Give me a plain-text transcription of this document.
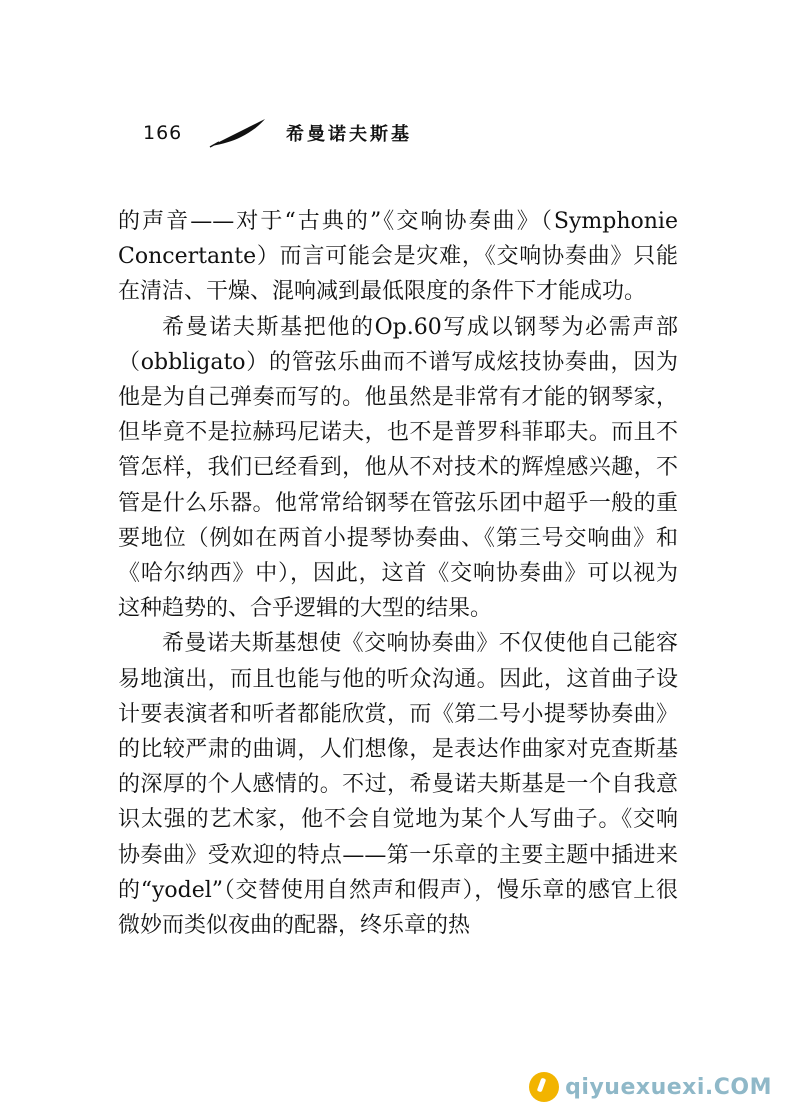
166	希曼诺夫斯基

的声音——对于“古典的”《交响协奏曲》（Symphonie Concertante）而言可能会是灾难，《交响协奏曲》只能在清洁、干燥、混响减到最低限度的条件下才能成功。

希曼诺夫斯基把他的Op.60写成以钢琴为必需声部（obbligato）的管弦乐曲而不谱写成炫技协奏曲，因为他是为自己弹奏而写的。他虽然是非常有才能的钢琴家，但毕竟不是拉赫玛尼诺夫，也不是普罗科菲耶夫。而且不管怎样，我们已经看到，他从不对技术的辉煌感兴趣，不管是什么乐器。他常常给钢琴在管弦乐团中超乎一般的重要地位（例如在两首小提琴协奏曲、《第三号交响曲》和《哈尔纳西》中），因此，这首《交响协奏曲》可以视为这种趋势的、合乎逻辑的大型的结果。

希曼诺夫斯基想使《交响协奏曲》不仅使他自己能容易地演出，而且也能与他的听众沟通。因此，这首曲子设计要表演者和听者都能欣赏，而《第二号小提琴协奏曲》的比较严肃的曲调，人们想像，是表达作曲家对克查斯基的深厚的个人感情的。不过，希曼诺夫斯基是一个自我意识太强的艺术家，他不会自觉地为某个人写曲子。《交响协奏曲》受欢迎的特点——第一乐章的主要主题中插进来的“yodel”（交替使用自然声和假声），慢乐章的感官上很微妙而类似夜曲的配器，终乐章的热

qiyuexuexi.COM
